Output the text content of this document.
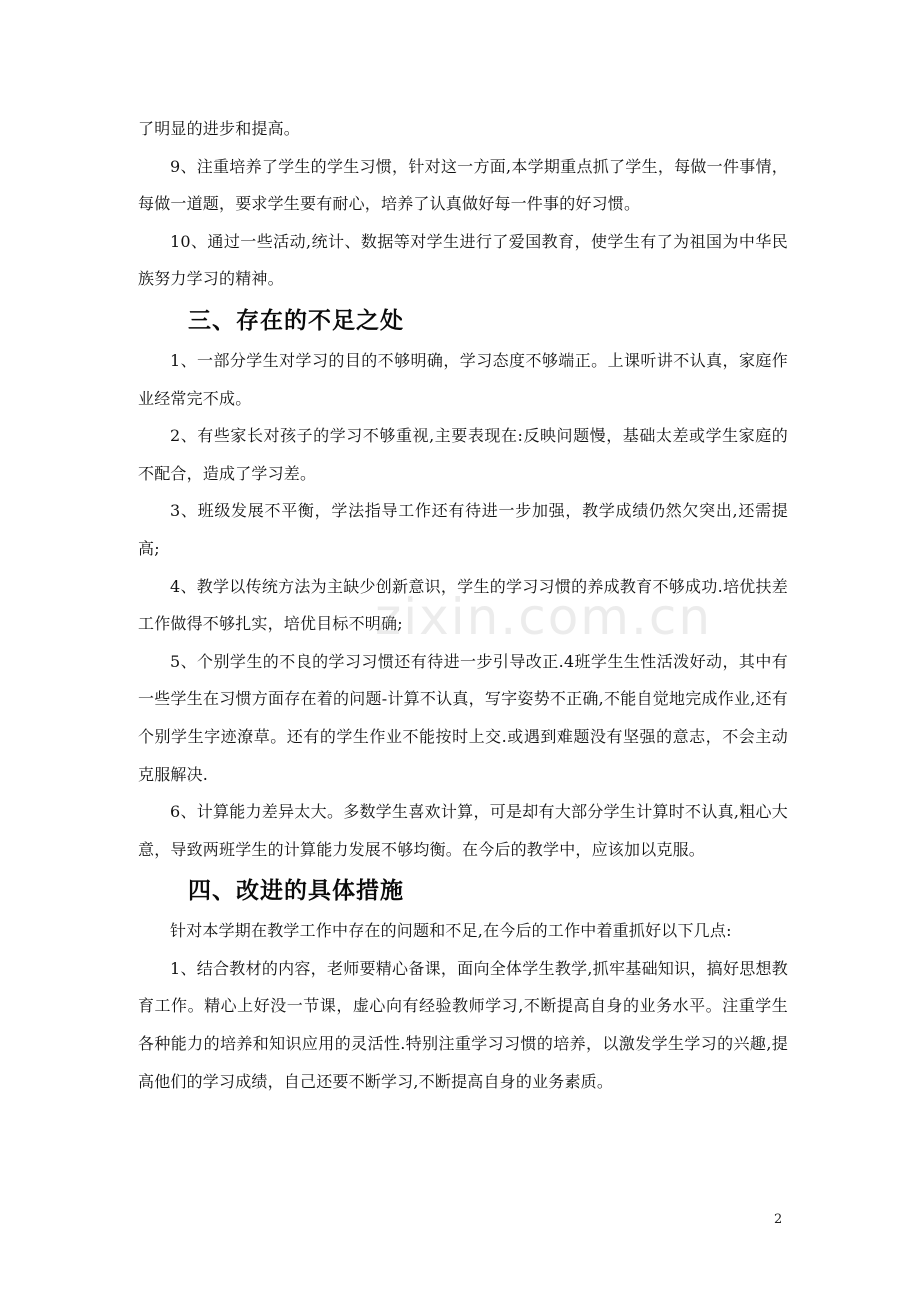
了明显的进步和提高。

9、注重培养了学生的学生习惯，针对这一方面,本学期重点抓了学生，每做一件事情，每做一道题，要求学生要有耐心，培养了认真做好每一件事的好习惯。

10、通过一些活动,统计、数据等对学生进行了爱国教育，使学生有了为祖国为中华民族努力学习的精神。

三、存在的不足之处

1、一部分学生对学习的目的不够明确，学习态度不够端正。上课听讲不认真，家庭作业经常完不成。

2、有些家长对孩子的学习不够重视,主要表现在:反映问题慢，基础太差或学生家庭的不配合，造成了学习差。

3、班级发展不平衡，学法指导工作还有待进一步加强，教学成绩仍然欠突出,还需提高;

4、教学以传统方法为主缺少创新意识，学生的学习习惯的养成教育不够成功.培优扶差工作做得不够扎实，培优目标不明确;

5、个别学生的不良的学习习惯还有待进一步引导改正.4班学生生性活泼好动，其中有一些学生在习惯方面存在着的问题-计算不认真，写字姿势不正确,不能自觉地完成作业,还有个别学生字迹潦草。还有的学生作业不能按时上交.或遇到难题没有坚强的意志，不会主动克服解决.

6、计算能力差异太大。多数学生喜欢计算，可是却有大部分学生计算时不认真,粗心大意，导致两班学生的计算能力发展不够均衡。在今后的教学中，应该加以克服。

四、改进的具体措施

针对本学期在教学工作中存在的问题和不足,在今后的工作中着重抓好以下几点:

1、结合教材的内容，老师要精心备课，面向全体学生教学,抓牢基础知识，搞好思想教育工作。精心上好没一节课，虚心向有经验教师学习,不断提高自身的业务水平。注重学生各种能力的培养和知识应用的灵活性.特别注重学习习惯的培养，以激发学生学习的兴趣,提高他们的学习成绩，自己还要不断学习,不断提高自身的业务素质。

zixin.com.cn
2
